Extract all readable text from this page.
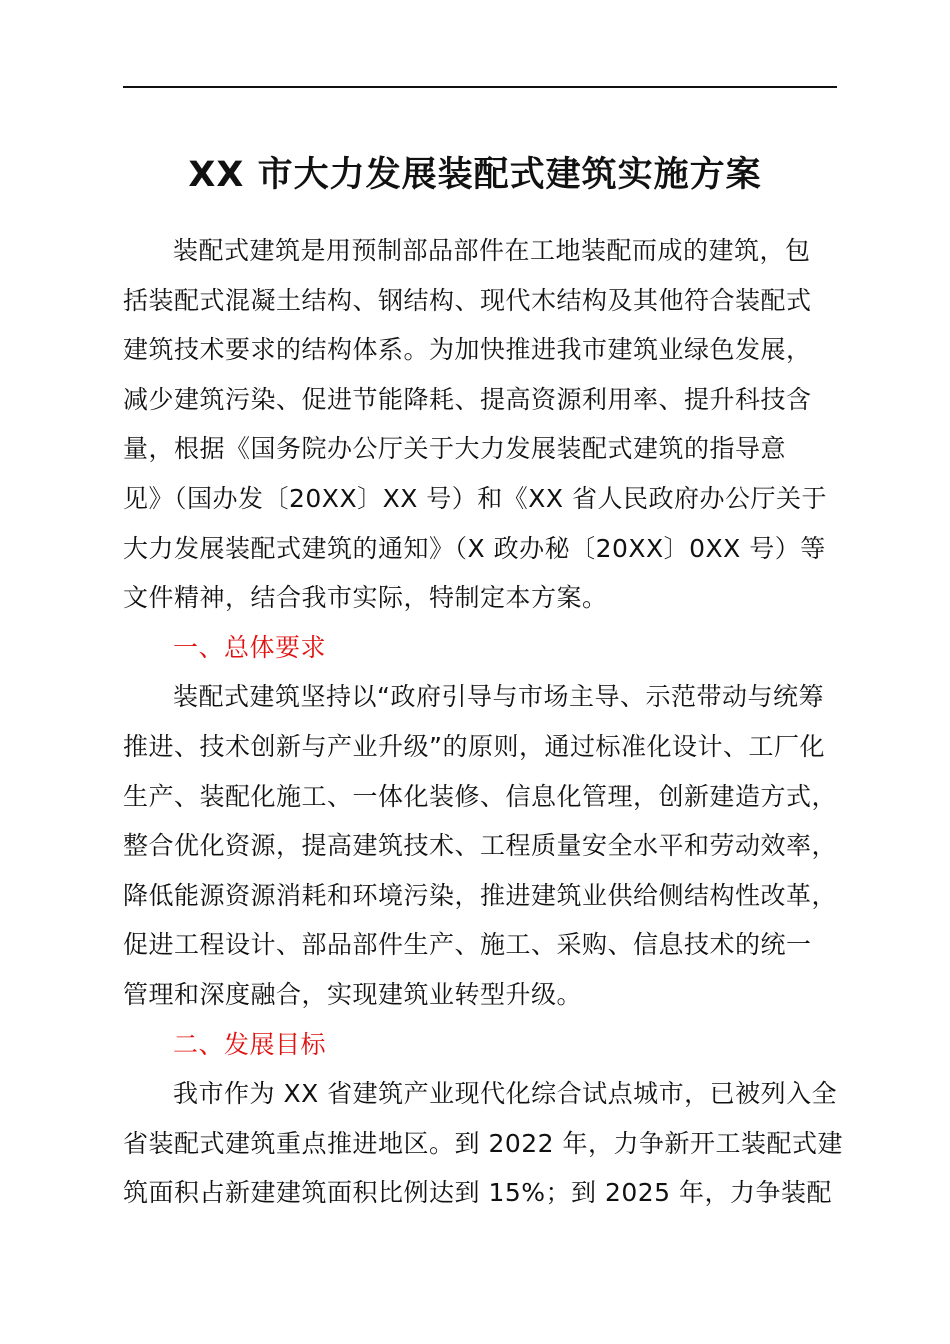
XX 市大力发展装配式建筑实施方案
装配式建筑是用预制部品部件在工地装配而成的建筑，包
括装配式混凝土结构、钢结构、现代木结构及其他符合装配式
建筑技术要求的结构体系。为加快推进我市建筑业绿色发展，
减少建筑污染、促进节能降耗、提高资源利用率、提升科技含
量，根据《国务院办公厅关于大力发展装配式建筑的指导意
见》（国办发〔20XX〕XX 号）和《XX 省人民政府办公厅关于
大力发展装配式建筑的通知》（X 政办秘〔20XX〕0XX 号）等
文件精神，结合我市实际，特制定本方案。
一、总体要求
装配式建筑坚持以“政府引导与市场主导、示范带动与统筹
推进、技术创新与产业升级”的原则，通过标准化设计、工厂化
生产、装配化施工、一体化装修、信息化管理，创新建造方式，
整合优化资源，提高建筑技术、工程质量安全水平和劳动效率，
降低能源资源消耗和环境污染，推进建筑业供给侧结构性改革，
促进工程设计、部品部件生产、施工、采购、信息技术的统一
管理和深度融合，实现建筑业转型升级。
二、发展目标
我市作为 XX 省建筑产业现代化综合试点城市，已被列入全
省装配式建筑重点推进地区。到 2022 年，力争新开工装配式建
筑面积占新建建筑面积比例达到 15%；到 2025 年，力争装配
